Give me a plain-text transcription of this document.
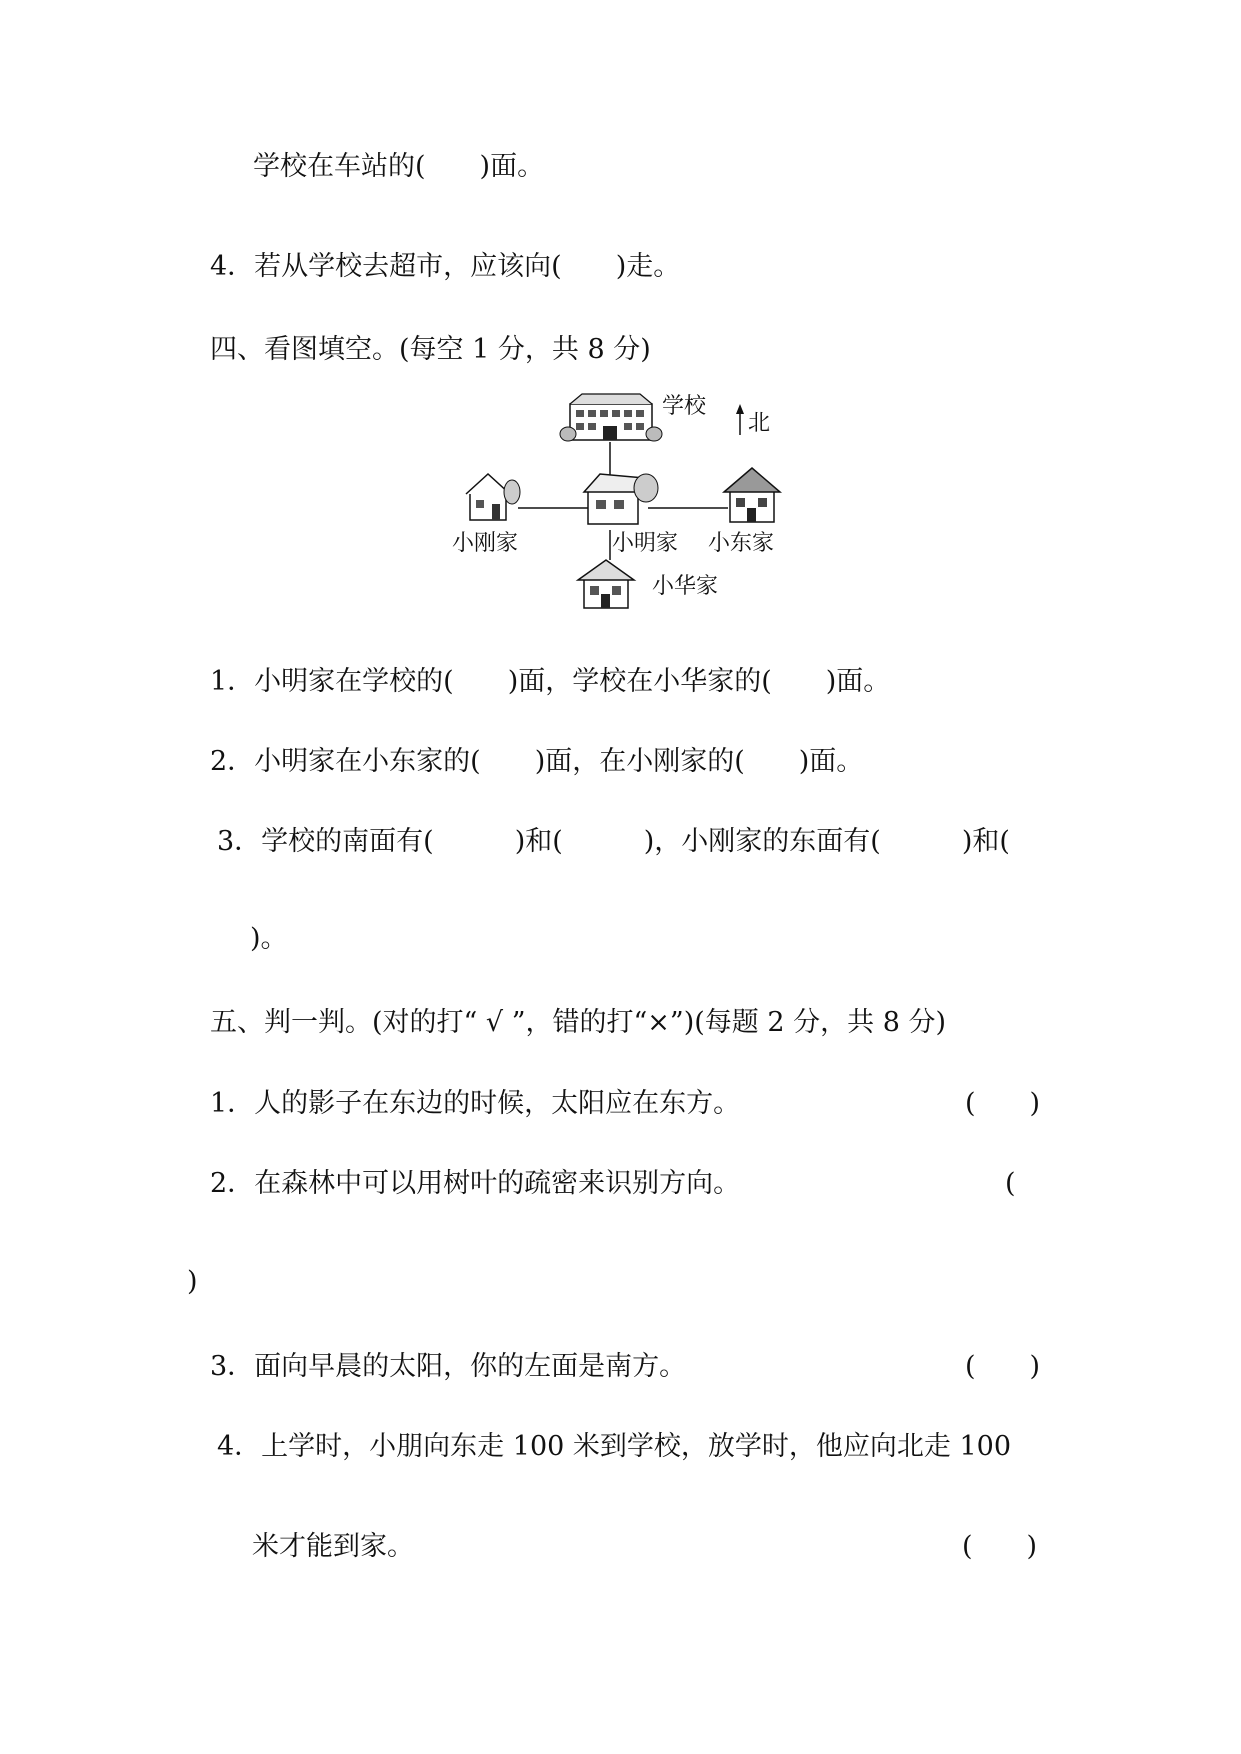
学校在车站的(　　)面。
4．若从学校去超市，应该向(　　)走。
四、看图填空。(每空 1 分，共 8 分)
学校
北
小刚家	小明家 小东家
小华家
1．小明家在学校的(　　)面，学校在小华家的(　　)面。
2．小明家在小东家的(　　)面，在小刚家的(　　)面。
3．学校的南面有(　　　)和(　　　)，小刚家的东面有(　　　)和(
)。
五、判一判。(对的打“ √ ”，错的打“×”)(每题 2 分，共 8 分)
1．人的影子在东边的时候，太阳应在东方。	(　　)
2．在森林中可以用树叶的疏密来识别方向。	(
)
3．面向早晨的太阳，你的左面是南方。	(　　)
4．上学时，小朋向东走 100 米到学校，放学时，他应向北走 100
米才能到家。	(　　)
